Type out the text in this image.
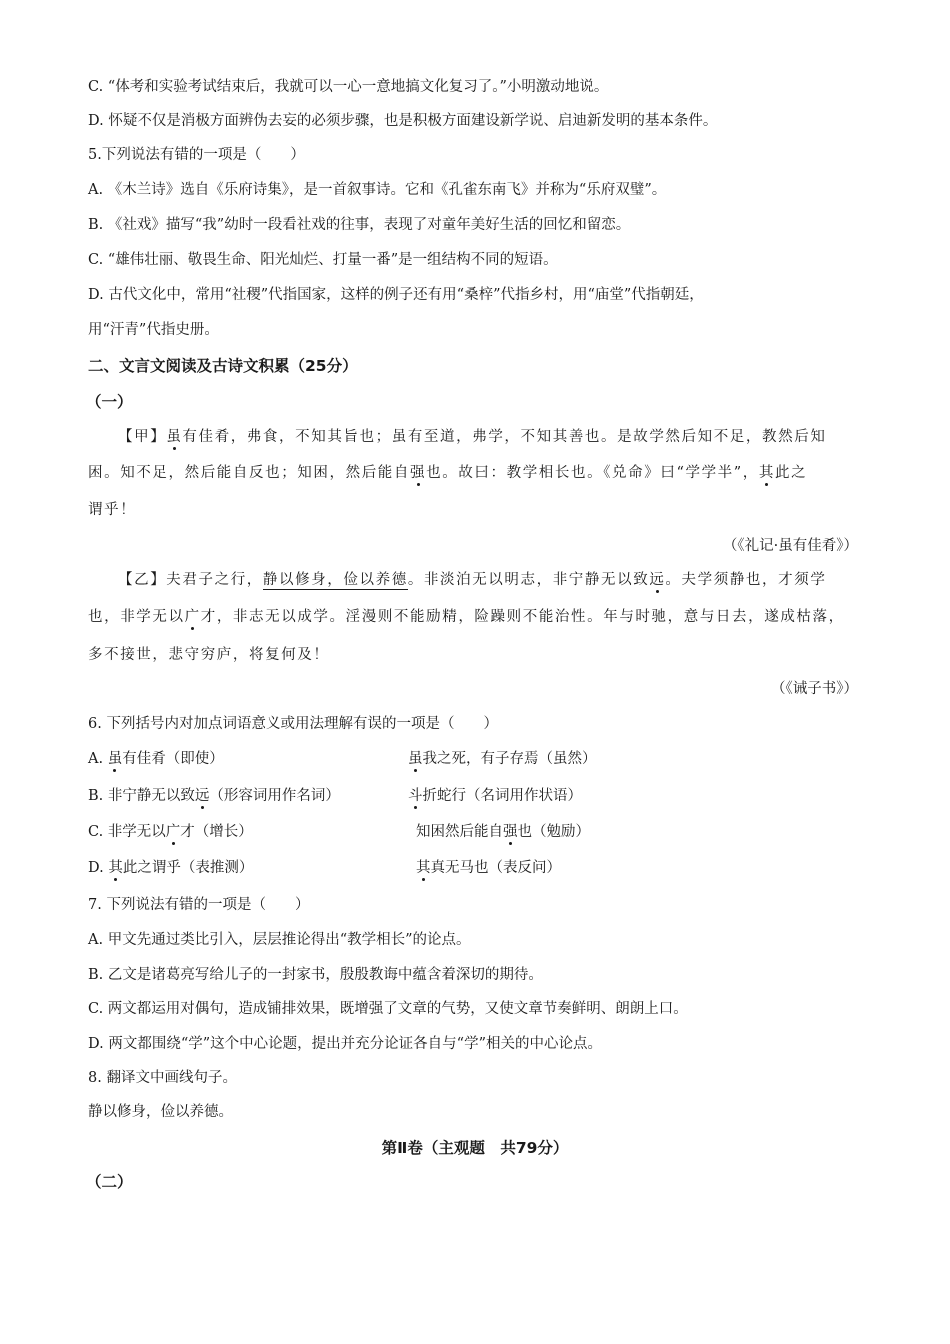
C. “体考和实验考试结束后，我就可以一心一意地搞文化复习了。”小明激动地说。
D. 怀疑不仅是消极方面辨伪去妄的必须步骤，也是积极方面建设新学说、启迪新发明的基本条件。
5.下列说法有错的一项是（　　）
A. 《木兰诗》选自《乐府诗集》，是一首叙事诗。它和《孔雀东南飞》并称为“乐府双璧”。
B. 《社戏》描写“我”幼时一段看社戏的往事，表现了对童年美好生活的回忆和留恋。
C. “雄伟壮丽、敬畏生命、阳光灿烂、打量一番”是一组结构不同的短语。
D. 古代文化中，常用“社稷”代指国家，这样的例子还有用“桑梓”代指乡村，用“庙堂”代指朝廷，
用“汗青”代指史册。
二、文言文阅读及古诗文积累（25分）
（一）
【甲】虽有佳肴，弗食，不知其旨也；虽有至道，弗学，不知其善也。是故学然后知不足，教然后知
困。知不足，然后能自反也；知困，然后能自强也。故曰：教学相长也。《兑命》曰“学学半”，其此之
谓乎！
（《礼记·虽有佳肴》）
【乙】夫君子之行，静以修身，俭以养德。非淡泊无以明志，非宁静无以致远。夫学须静也，才须学
也，非学无以广才，非志无以成学。淫漫则不能励精，险躁则不能治性。年与时驰，意与日去，遂成枯落，
多不接世，悲守穷庐，将复何及！
（《诫子书》）
6. 下列括号内对加点词语意义或用法理解有误的一项是（　　）
A. 虽有佳肴（即使）	虽我之死，有子存焉（虽然）
B. 非宁静无以致远（形容词用作名词）	斗折蛇行（名词用作状语）
C. 非学无以广才（增长）	知困然后能自强也（勉励）
D. 其此之谓乎（表推测）	其真无马也（表反问）
7. 下列说法有错的一项是（　　）
A. 甲文先通过类比引入，层层推论得出“教学相长”的论点。
B. 乙文是诸葛亮写给儿子的一封家书，殷殷教诲中蕴含着深切的期待。
C. 两文都运用对偶句，造成铺排效果，既增强了文章的气势，又使文章节奏鲜明、朗朗上口。
D. 两文都围绕“学”这个中心论题，提出并充分论证各自与“学”相关的中心论点。
8. 翻译文中画线句子。
静以修身，俭以养德。
第Ⅱ卷（主观题　共79分）
（二）
